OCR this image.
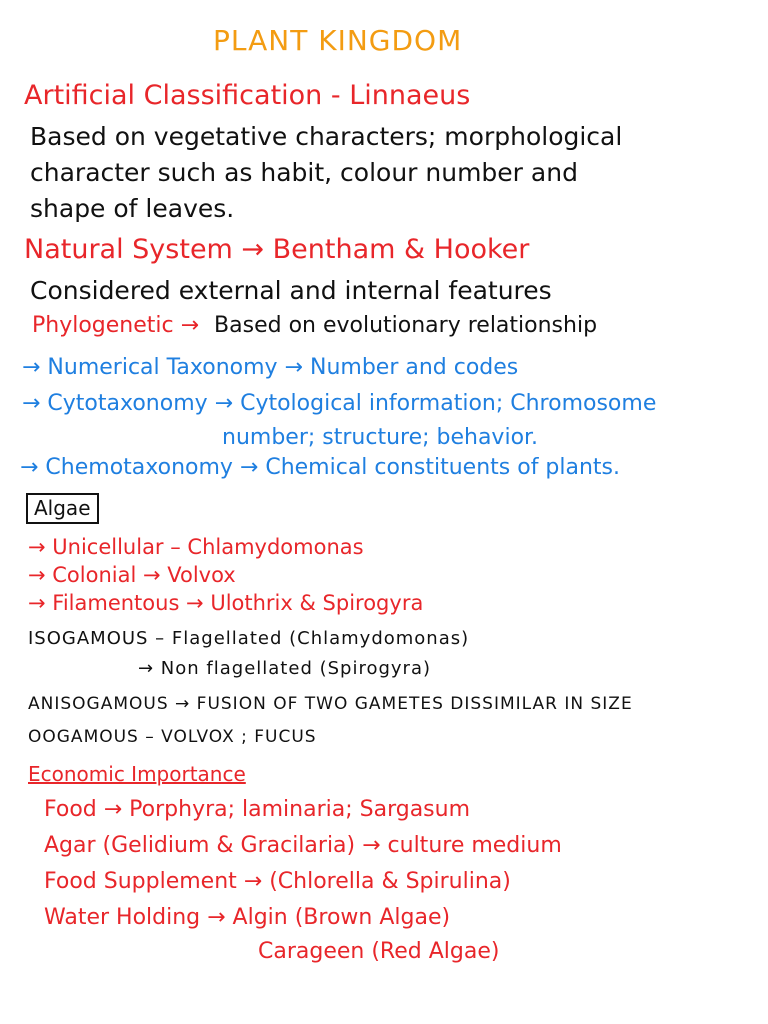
PLANT KINGDOM
Artificial Classification - Linnaeus
Based on vegetative characters; morphological
character such as habit, colour number and
shape of leaves.
Natural System → Bentham & Hooker
Considered external and internal features
Phylogenetic → Based on evolutionary relationship
→ Numerical Taxonomy → Number and codes
→ Cytotaxonomy → Cytological information; Chromosome
number; structure; behavior.
→ Chemotaxonomy → Chemical constituents of plants.
Algae
→ Unicellular – Chlamydomonas
→ Colonial → Volvox
→ Filamentous → Ulothrix & Spirogyra
ISOGAMOUS – Flagellated (Chlamydomonas)
→ Non flagellated (Spirogyra)
ANISOGAMOUS → FUSION OF TWO GAMETES DISSIMILAR IN SIZE
OOGAMOUS – VOLVOX ; FUCUS
Economic Importance
Food → Porphyra; laminaria; Sargasum
Agar (Gelidium & Gracilaria) → culture medium
Food Supplement → (Chlorella & Spirulina)
Water Holding → Algin (Brown Algae)
Carageen (Red Algae)
